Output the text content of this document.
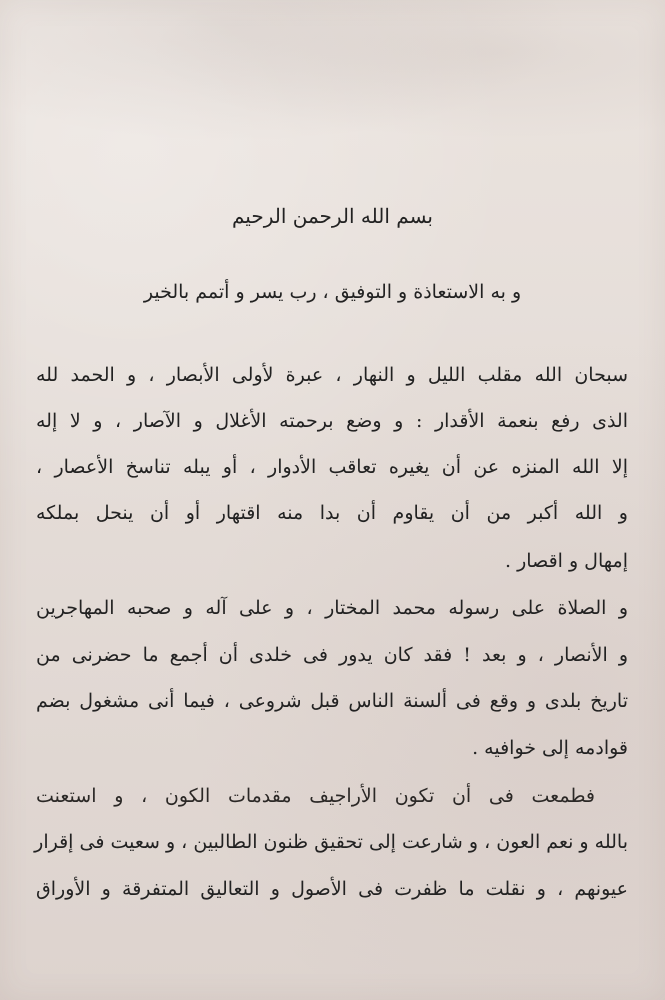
بسم الله الرحمن الرحيم
و به الاستعاذة و التوفيق ، رب يسر و أتمم بالخير
سبحان الله مقلب الليل و النهار ، عبرة لأولى الأبصار ، و الحمد لله
الذى رفع بنعمة الأقدار : و وضع برحمته الأغلال و الآصار ، و لا إله
إلا الله المنزه عن أن يغيره تعاقب الأدوار ، أو يبله تناسخ الأعصار ،
و الله أكبر من أن يقاوم أن بدا منه اقتهار أو أن ينحل بملكه
إمهال و اقصار .
و الصلاة على رسوله محمد المختار ، و على آله و صحبه المهاجرين
و الأنصار ، و بعد ! فقد كان يدور فى خلدى أن أجمع ما حضرنى من
تاريخ بلدى و وقع فى ألسنة الناس قبل شروعى ، فيما أنى مشغول بضم
قوادمه إلى خوافيه .
فطمعت فى أن تكون الأراجيف مقدمات الكون ، و استعنت
بالله و نعم العون ، و شارعت إلى تحقيق ظنون الطالبين ، و سعيت فى إقرار
عيونهم ، و نقلت ما ظفرت فى الأصول و التعاليق المتفرقة و الأوراق
